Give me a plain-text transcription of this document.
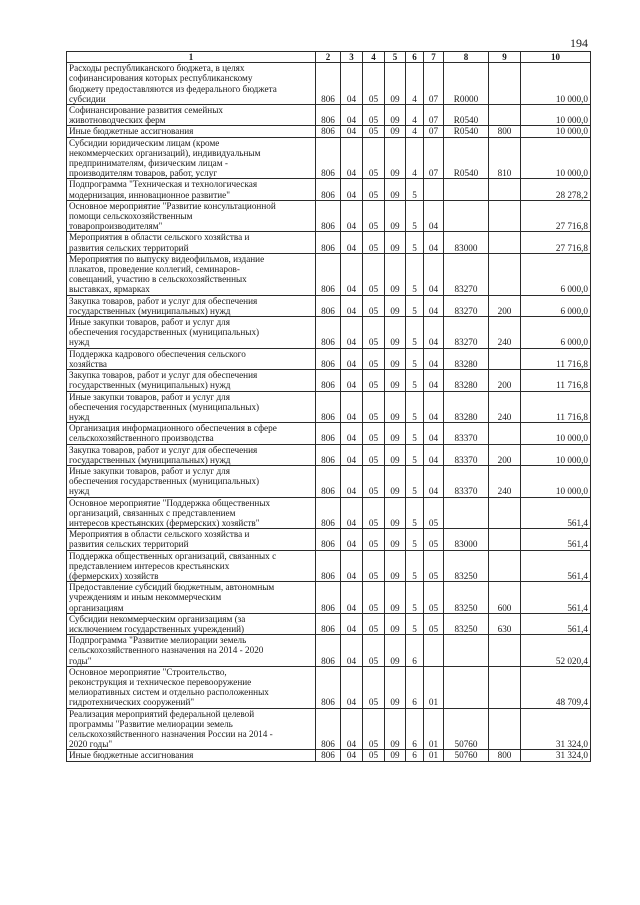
194
1	2	3	4	5	6	7	8	9	10
Расходы республиканского бюджета, в целях
софинансирования которых республиканскому
бюджету предоставляются из федерального бюджета
субсидии	806	04	05	09	4	07	R0000		10 000,0
Софинансирование развития семейных
животноводческих ферм	806	04	05	09	4	07	R0540		10 000,0
Иные бюджетные ассигнования	806	04	05	09	4	07	R0540	800	10 000,0
Субсидии юридическим лицам (кроме
некоммерческих организаций), индивидуальным
предпринимателям, физическим лицам -
производителям товаров, работ, услуг	806	04	05	09	4	07	R0540	810	10 000,0
Подпрограмма "Техническая и технологическая
модернизация, инновационное развитие"	806	04	05	09	5				28 278,2
Основное мероприятие "Развитие консультационной
помощи сельскохозяйственным
товаропроизводителям"	806	04	05	09	5	04			27 716,8
Мероприятия в области сельского хозяйства и
развития сельских территорий	806	04	05	09	5	04	83000		27 716,8
Мероприятия по выпуску видеофильмов, издание
плакатов, проведение коллегий, семинаров-
совещаний, участию в сельскохозяйственных
выставках, ярмарках	806	04	05	09	5	04	83270		6 000,0
Закупка товаров, работ и услуг для обеспечения
государственных (муниципальных) нужд	806	04	05	09	5	04	83270	200	6 000,0
Иные закупки товаров, работ и услуг для
обеспечения государственных (муниципальных)
нужд	806	04	05	09	5	04	83270	240	6 000,0
Поддержка кадрового обеспечения сельского
хозяйства	806	04	05	09	5	04	83280		11 716,8
Закупка товаров, работ и услуг для обеспечения
государственных (муниципальных) нужд	806	04	05	09	5	04	83280	200	11 716,8
Иные закупки товаров, работ и услуг для
обеспечения государственных (муниципальных)
нужд	806	04	05	09	5	04	83280	240	11 716,8
Организация информационного обеспечения в сфере
сельскохозяйственного производства	806	04	05	09	5	04	83370		10 000,0
Закупка товаров, работ и услуг для обеспечения
государственных (муниципальных) нужд	806	04	05	09	5	04	83370	200	10 000,0
Иные закупки товаров, работ и услуг для
обеспечения государственных (муниципальных)
нужд	806	04	05	09	5	04	83370	240	10 000,0
Основное мероприятие "Поддержка общественных
организаций, связанных с представлением
интересов крестьянских (фермерских) хозяйств"	806	04	05	09	5	05			561,4
Мероприятия в области сельского хозяйства и
развития сельских территорий	806	04	05	09	5	05	83000		561,4
Поддержка общественных организаций, связанных с
представлением интересов крестьянских
(фермерских) хозяйств	806	04	05	09	5	05	83250		561,4
Предоставление субсидий бюджетным, автономным
учреждениям и иным некоммерческим
организациям	806	04	05	09	5	05	83250	600	561,4
Субсидии некоммерческим организациям (за
исключением государственных учреждений)	806	04	05	09	5	05	83250	630	561,4
Подпрограмма "Развитие мелиорации земель
сельскохозяйственного назначения на 2014 - 2020
годы"	806	04	05	09	6				52 020,4
Основное мероприятие "Строительство,
реконструкция и техническое перевооружение
мелиоративных систем и отдельно расположенных
гидротехнических сооружений"	806	04	05	09	6	01			48 709,4
Реализация мероприятий федеральной целевой
программы "Развитие мелиорации земель
сельскохозяйственного назначения России на 2014 -
2020 годы"	806	04	05	09	6	01	50760		31 324,0
Иные бюджетные ассигнования	806	04	05	09	6	01	50760	800	31 324,0
